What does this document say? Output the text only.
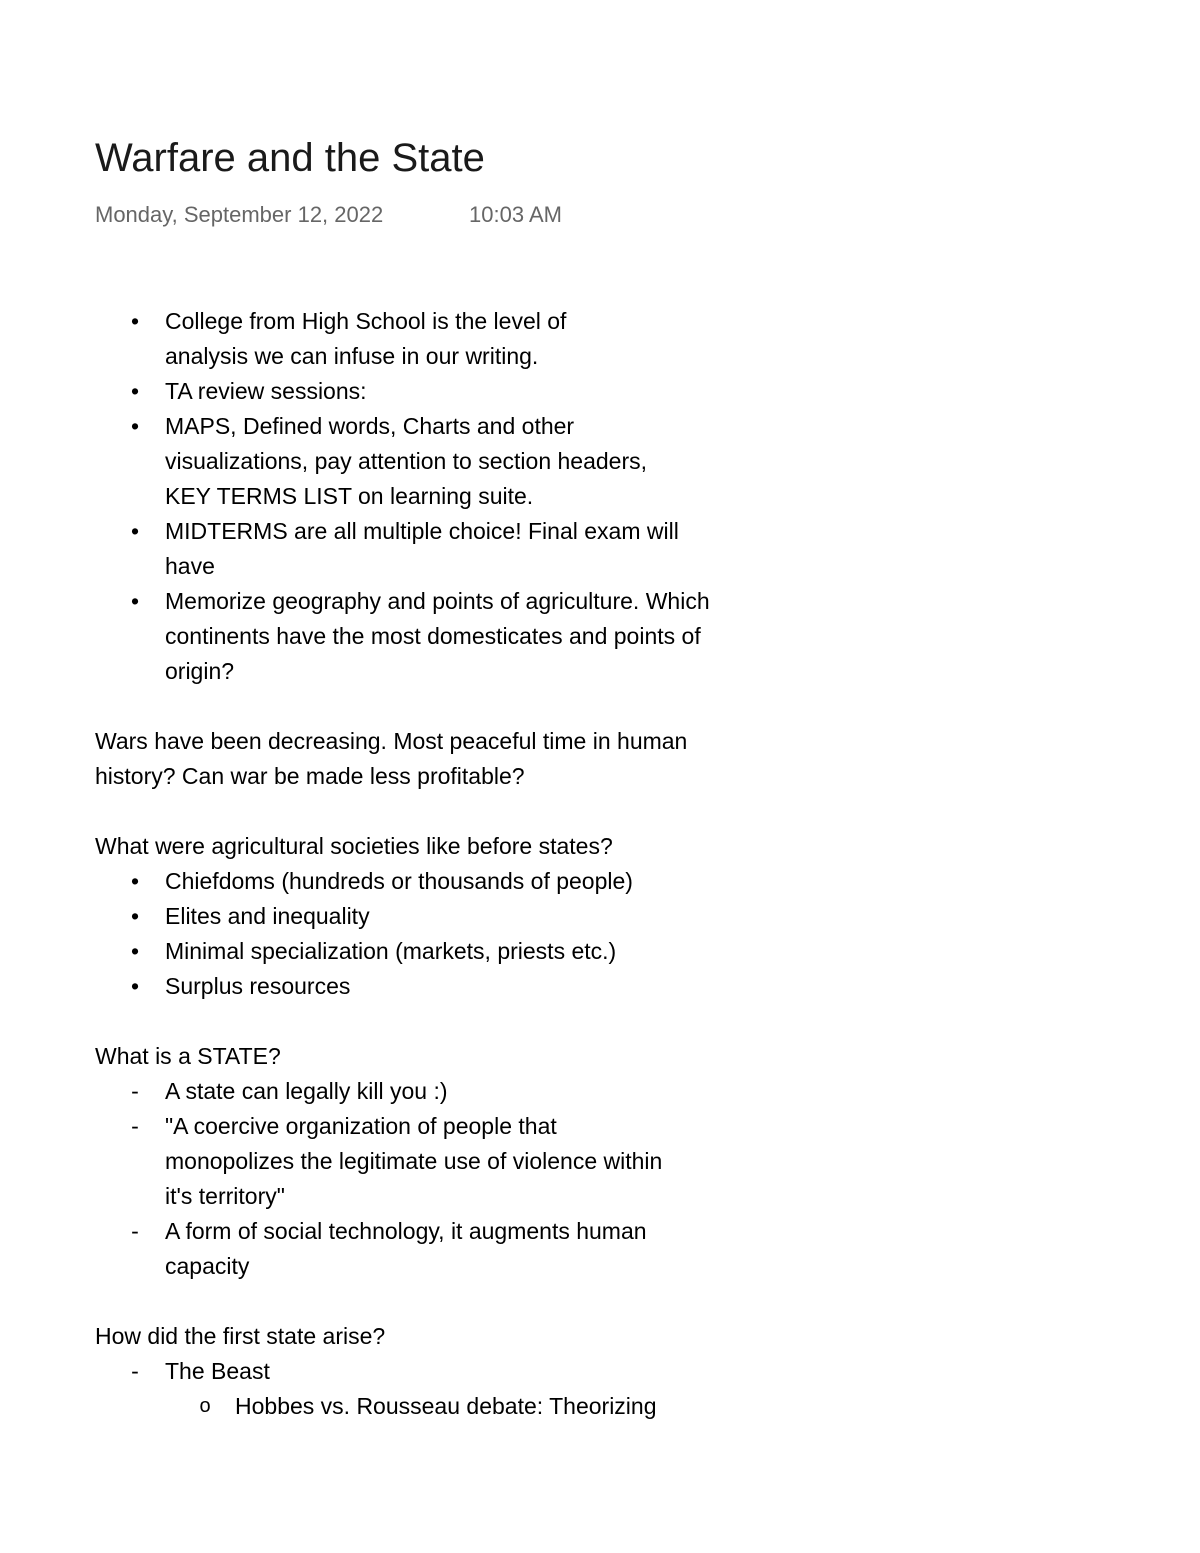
Warfare and the State
Monday, September 12, 2022	10:03 AM
• College from High School is the level of analysis we can infuse in our writing.
• TA review sessions:
• MAPS, Defined words, Charts and other visualizations, pay attention to section headers, KEY TERMS LIST on learning suite.
• MIDTERMS are all multiple choice! Final exam will have
• Memorize geography and points of agriculture. Which continents have the most domesticates and points of origin?

Wars have been decreasing. Most peaceful time in human history? Can war be made less profitable?

What were agricultural societies like before states?

• Chiefdoms (hundreds or thousands of people)
• Elites and inequality
• Minimal specialization (markets, priests etc.)
• Surplus resources

What is a STATE?

- A state can legally kill you :)
- "A coercive organization of people that monopolizes the legitimate use of violence within it's territory"
- A form of social technology, it augments human capacity

How did the first state arise?

- The Beast
o Hobbes vs. Rousseau debate: Theorizing
